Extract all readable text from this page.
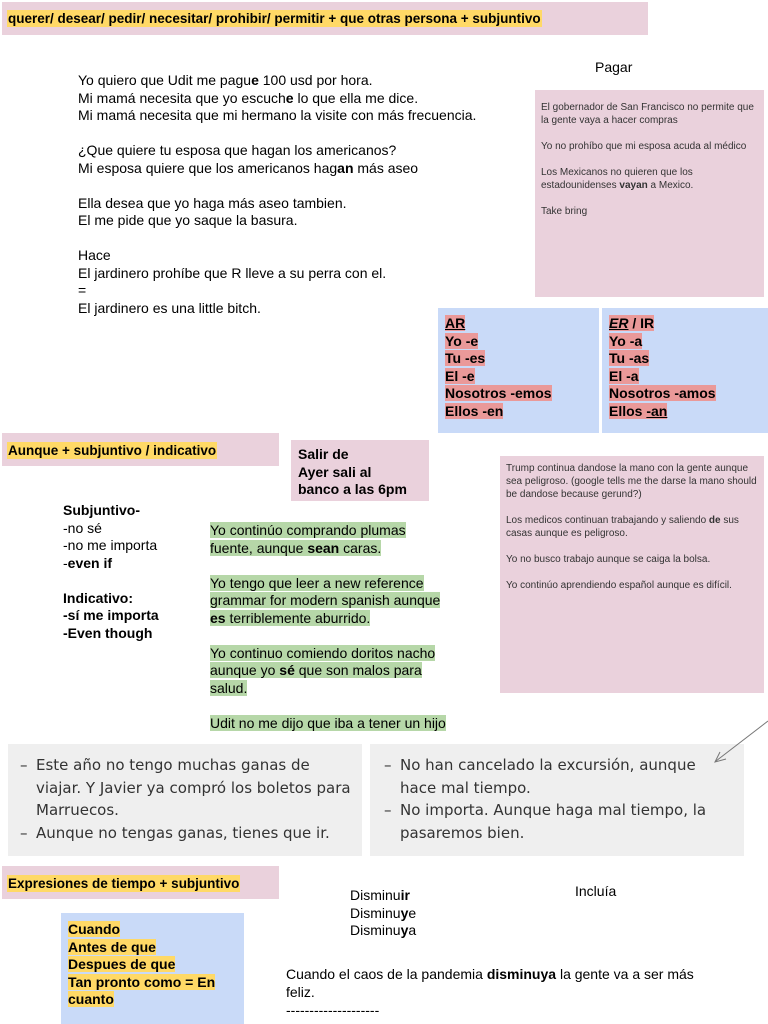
querer/ desear/ pedir/ necesitar/ prohibir/ permitir + que otras persona + subjuntivo
Yo quiero que Udit me pague 100 usd por hora.
Mi mamá necesita que yo escuche lo que ella me dice.
Mi mamá necesita que mi hermano la visite con más frecuencia.

¿Que quiere tu esposa que hagan los americanos?
Mi esposa quiere que los americanos hagan más aseo

Ella desea que yo haga más aseo tambien.
El me pide que yo saque la basura.

Hace
El jardinero prohíbe que R lleve a su perra con el.
=
El jardinero es una little bitch.
Pagar

El gobernador de San Francisco no permite que la gente vaya a hacer compras

Yo no prohíbo que mi esposa acuda al médico

Los Mexicanos no quieren que los estadounidenses vayan a Mexico.

Take bring

AR
Yo -e
Tu -es
El -e
Nosotros -emos
Ellos -en
ER / IR
Yo -a
Tu -as
El -a
Nosotros -amos
Ellos -an
Aunque + subjuntivo / indicativo	Salir de
Ayer sali al
banco a las 6pm

Trump continua dandose la mano con la gente aunque sea peligroso. (google tells me the darse la mano should be dandose because gerund?)

Los medicos continuan trabajando y saliendo de sus casas aunque es peligroso.

Yo no busco trabajo aunque se caiga la bolsa.

Yo continúo aprendiendo español aunque es difícil.

Subjuntivo-
-no sé
-no me importa
-even if
Indicativo:
-sí me importa
-Even though
Yo continúo comprando plumas
fuente, aunque sean caras.
Yo tengo que leer a new reference
grammar for modern spanish aunque
es terriblemente aburrido.
Yo continuo comiendo doritos nacho
aunque yo sé que son malos para
salud.
Udit no me dijo que iba a tener un hijo
– Este año no tengo muchas ganas de viajar. Y Javier ya compró los boletos para Marruecos.
– Aunque no tengas ganas, tienes que ir.
– No han cancelado la excursión, aunque hace mal tiempo.
– No importa. Aunque haga mal tiempo, la pasaremos bien.
Expresiones de tiempo + subjuntivo
Disminuir
Disminuye
Disminuya
Incluía
Cuando
Antes de que
Despues de que
Tan pronto como = En
cuanto
Cuando el caos de la pandemia disminuya la gente va a ser más feliz.
--------------------
